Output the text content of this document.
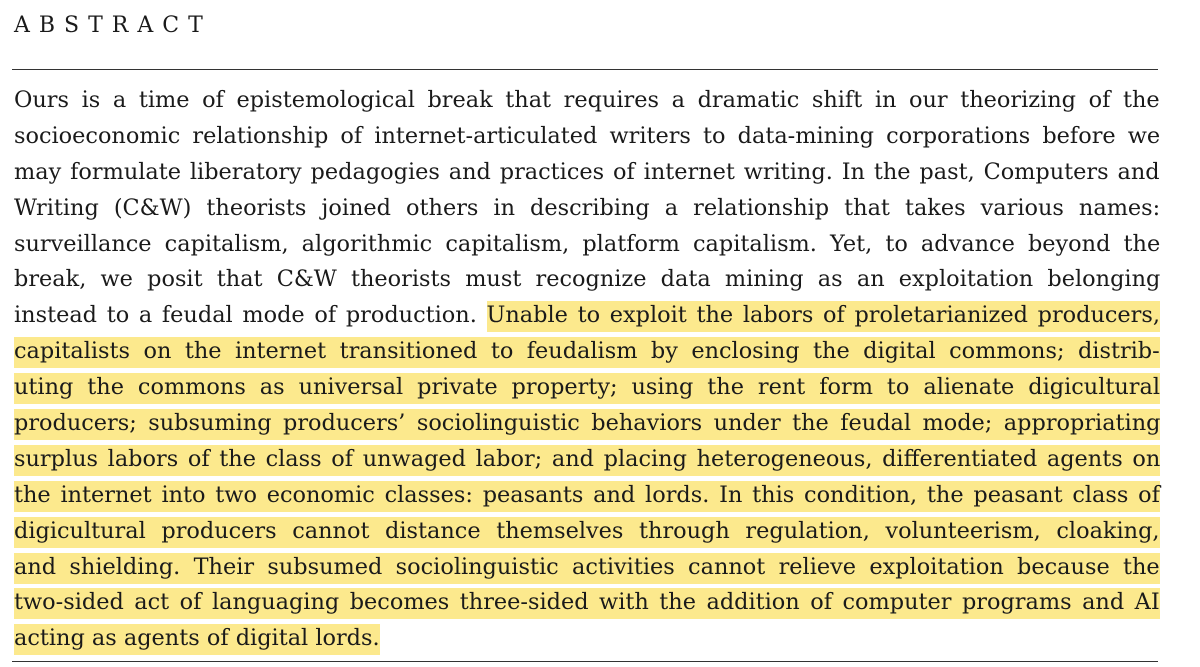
ABSTRACT
Ours is a time of epistemological break that requires a dramatic shift in our theorizing of the
socioeconomic relationship of internet-articulated writers to data-mining corporations before we
may formulate liberatory pedagogies and practices of internet writing. In the past, Computers and
Writing (C&W) theorists joined others in describing a relationship that takes various names:
surveillance capitalism, algorithmic capitalism, platform capitalism. Yet, to advance beyond the
break, we posit that C&W theorists must recognize data mining as an exploitation belonging
instead to a feudal mode of production. Unable to exploit the labors of proletarianized producers,
capitalists on the internet transitioned to feudalism by enclosing the digital commons; distrib-
uting the commons as universal private property; using the rent form to alienate digicultural
producers; subsuming producers’ sociolinguistic behaviors under the feudal mode; appropriating
surplus labors of the class of unwaged labor; and placing heterogeneous, differentiated agents on
the internet into two economic classes: peasants and lords. In this condition, the peasant class of
digicultural producers cannot distance themselves through regulation, volunteerism, cloaking,
and shielding. Their subsumed sociolinguistic activities cannot relieve exploitation because the
two-sided act of languaging becomes three-sided with the addition of computer programs and AI
acting as agents of digital lords.
